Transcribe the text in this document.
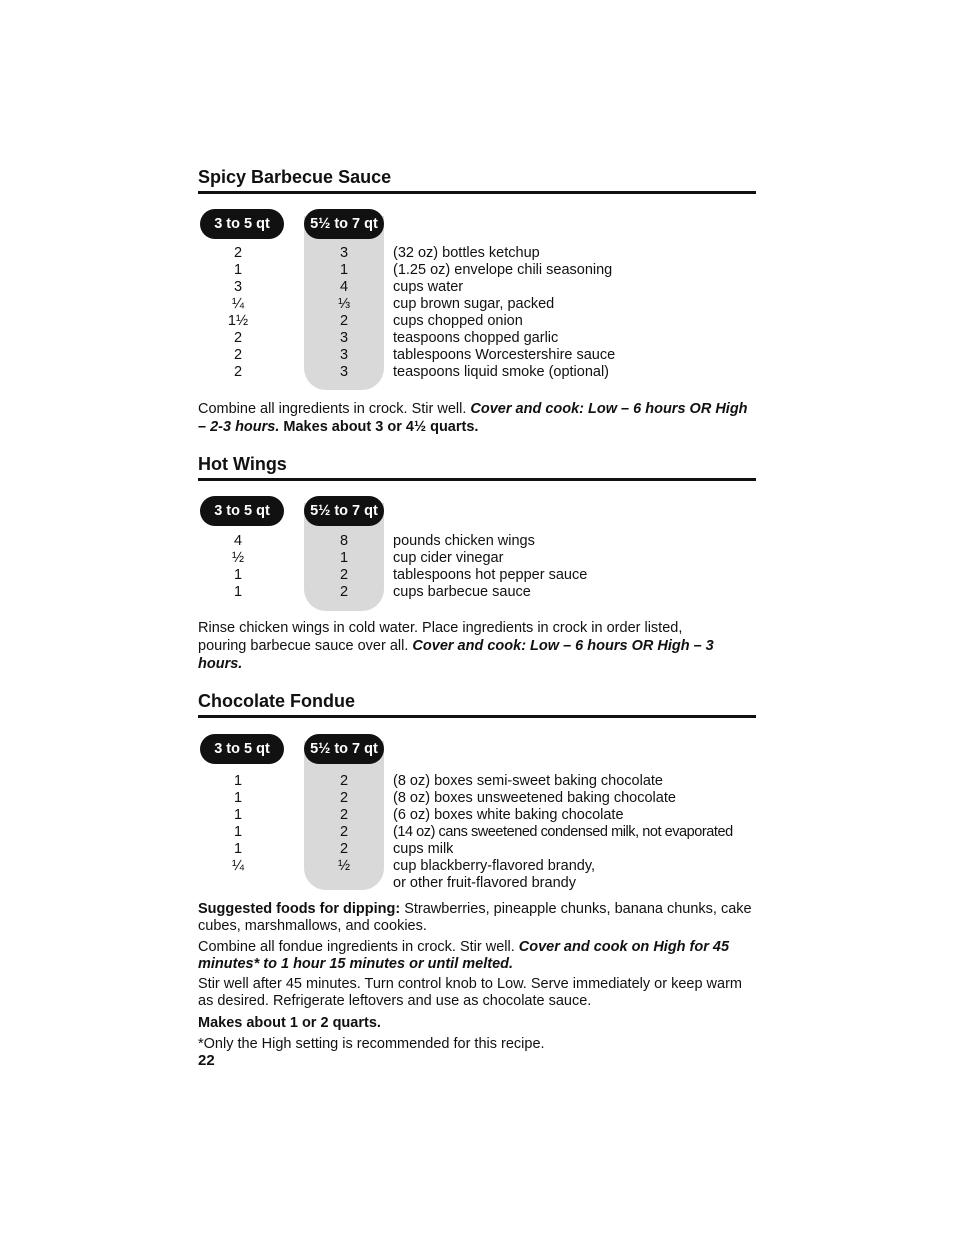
Spicy Barbecue Sauce
3 to 5 qt	5½ to 7 qt
2	3	(32 oz) bottles ketchup
1	1	(1.25 oz) envelope chili seasoning
3	4	cups water
¼	⅓	cup brown sugar, packed
1½	2	cups chopped onion
2	3	teaspoons chopped garlic
2	3	tablespoons Worcestershire sauce
2	3	teaspoons liquid smoke (optional)

Combine all ingredients in crock. Stir well. Cover and cook: Low – 6 hours OR High – 2-3 hours. Makes about 3 or 4½ quarts.

Hot Wings
3 to 5 qt	5½ to 7 qt
4	8	pounds chicken wings
½	1	cup cider vinegar
1	2	tablespoons hot pepper sauce
1	2	cups barbecue sauce

Rinse chicken wings in cold water. Place ingredients in crock in order listed, pouring barbecue sauce over all. Cover and cook: Low – 6 hours OR High – 3 hours.

Chocolate Fondue
3 to 5 qt	5½ to 7 qt
1	2	(8 oz) boxes semi-sweet baking chocolate
1	2	(8 oz) boxes unsweetened baking chocolate
1	2	(6 oz) boxes white baking chocolate
1	2	(14 oz) cans sweetened condensed milk, not evaporated
1	2	cups milk
¼	½	cup blackberry-flavored brandy,
or other fruit-flavored brandy

Suggested foods for dipping: Strawberries, pineapple chunks, banana chunks, cake cubes, marshmallows, and cookies.

Combine all fondue ingredients in crock. Stir well. Cover and cook on High for 45 minutes* to 1 hour 15 minutes or until melted.

Stir well after 45 minutes. Turn control knob to Low. Serve immediately or keep warm as desired. Refrigerate leftovers and use as chocolate sauce.

Makes about 1 or 2 quarts.

*Only the High setting is recommended for this recipe.

22
